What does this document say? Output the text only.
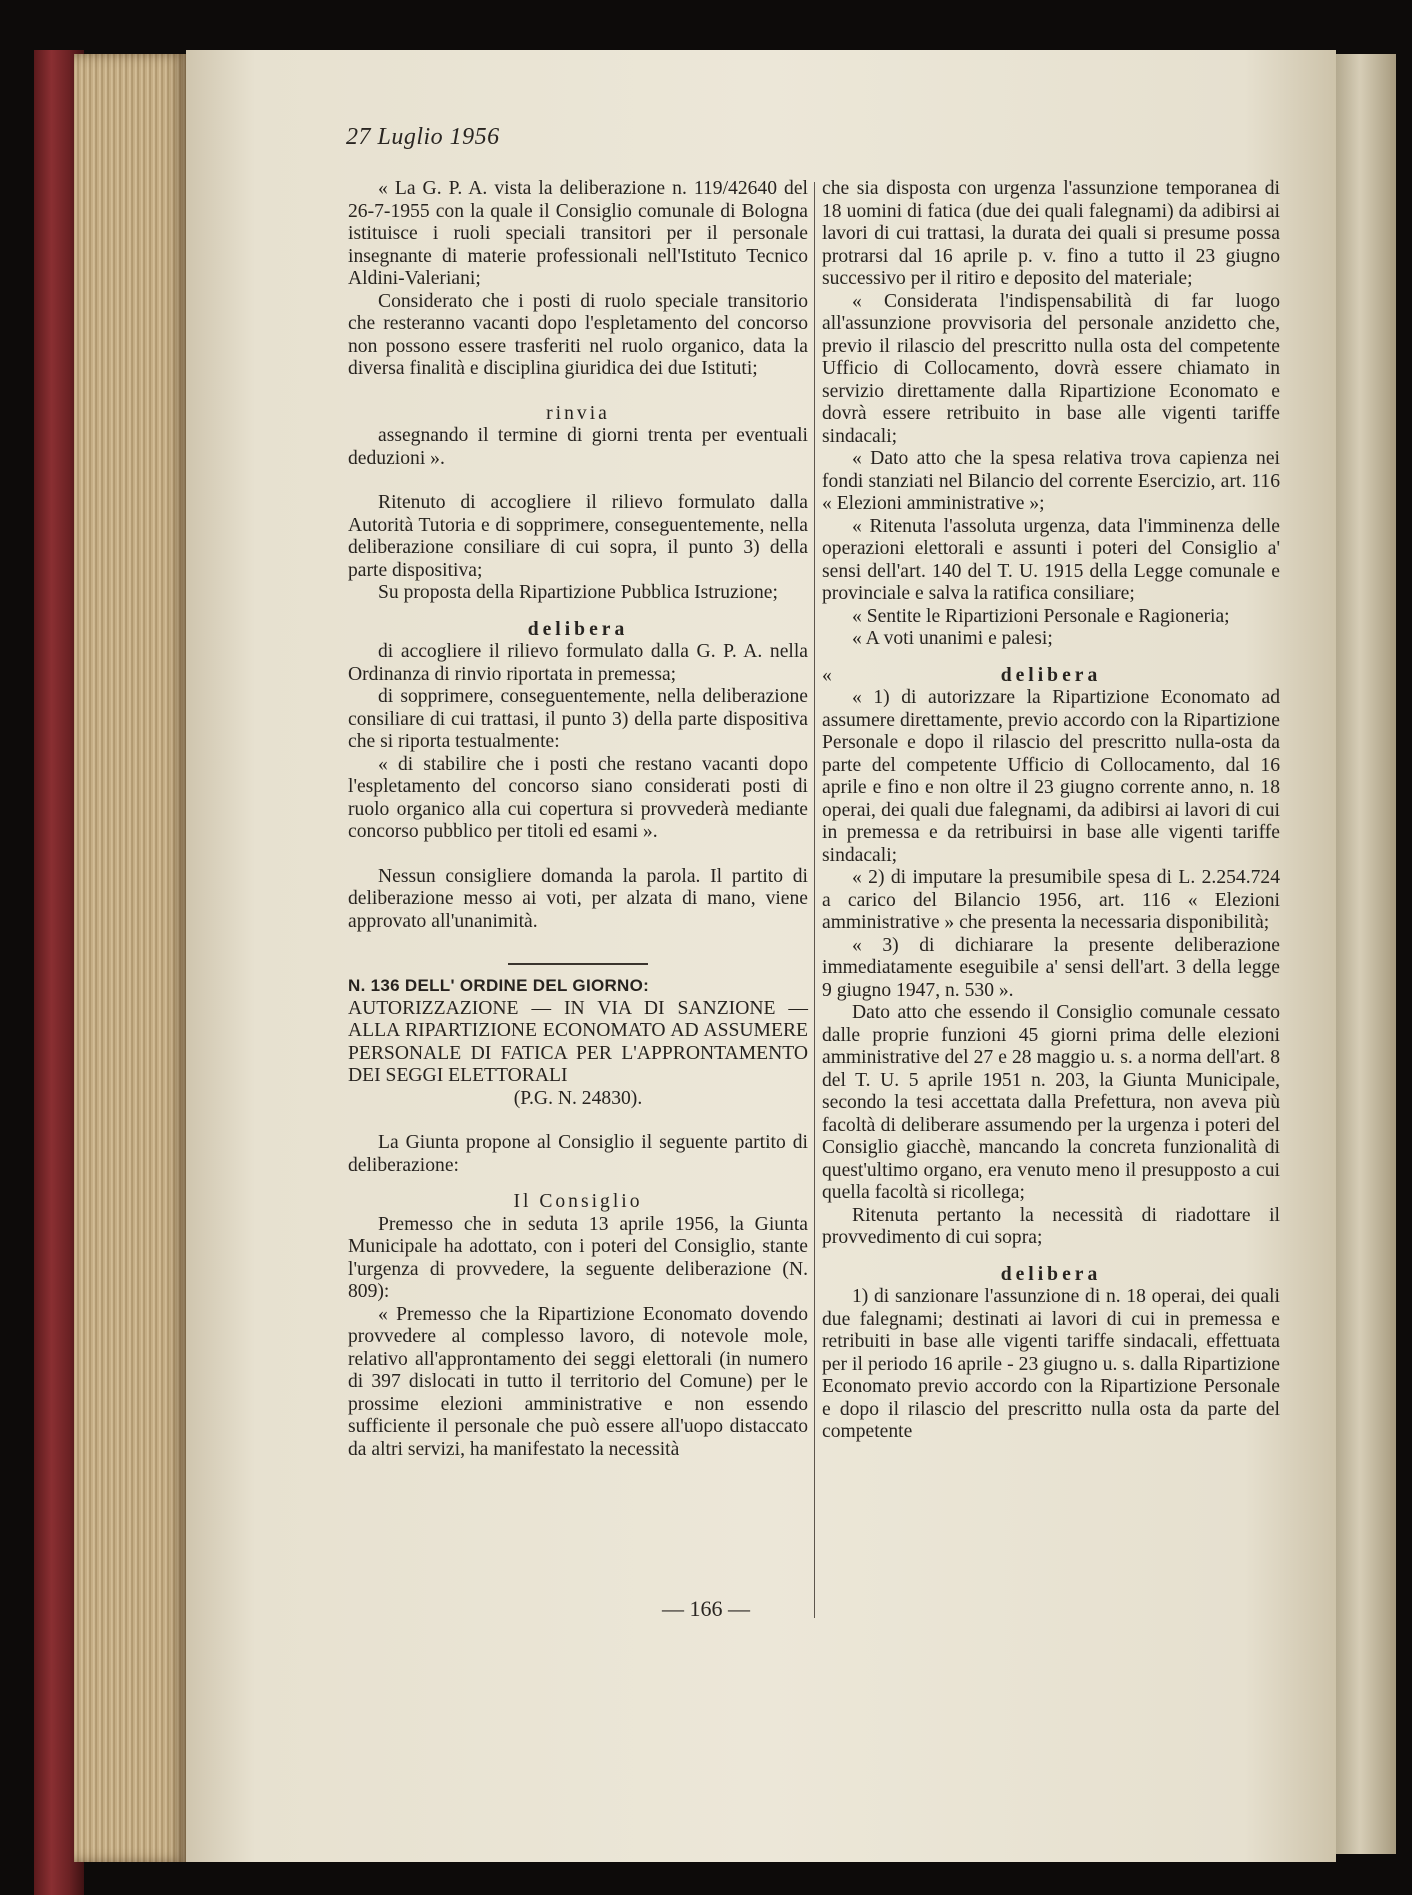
27 Luglio 1956

« La G. P. A. vista la deliberazione n. 119/42640 del 26-7-1955 con la quale il Consiglio comunale di Bologna istituisce i ruoli speciali transitori per il personale insegnante di materie professionali nell'Istituto Tecnico Aldini-Valeriani;

Considerato che i posti di ruolo speciale transitorio che resteranno vacanti dopo l'espletamento del concorso non possono essere trasferiti nel ruolo organico, data la diversa finalità e disciplina giuridica dei due Istituti;

rinvia

assegnando il termine di giorni trenta per eventuali deduzioni ».

Ritenuto di accogliere il rilievo formulato dalla Autorità Tutoria e di sopprimere, conseguentemente, nella deliberazione consiliare di cui sopra, il punto 3) della parte dispositiva;

Su proposta della Ripartizione Pubblica Istruzione;

delibera

di accogliere il rilievo formulato dalla G. P. A. nella Ordinanza di rinvio riportata in premessa;

di sopprimere, conseguentemente, nella deliberazione consiliare di cui trattasi, il punto 3) della parte dispositiva che si riporta testualmente:

« di stabilire che i posti che restano vacanti dopo l'espletamento del concorso siano considerati posti di ruolo organico alla cui copertura si provvederà mediante concorso pubblico per titoli ed esami ».

Nessun consigliere domanda la parola. Il partito di deliberazione messo ai voti, per alzata di mano, viene approvato all'unanimità.

N. 136 DELL' ORDINE DEL GIORNO:

AUTORIZZAZIONE — IN VIA DI SANZIONE — ALLA RIPARTIZIONE ECONOMATO AD ASSUMERE PERSONALE DI FATICA PER L'APPRONTAMENTO DEI SEGGI ELETTORALI

(P.G. N. 24830).

La Giunta propone al Consiglio il seguente partito di deliberazione:

Il Consiglio

Premesso che in seduta 13 aprile 1956, la Giunta Municipale ha adottato, con i poteri del Consiglio, stante l'urgenza di provvedere, la seguente deliberazione (N. 809):

« Premesso che la Ripartizione Economato dovendo provvedere al complesso lavoro, di notevole mole, relativo all'approntamento dei seggi elettorali (in numero di 397 dislocati in tutto il territorio del Comune) per le prossime elezioni amministrative e non essendo sufficiente il personale che può essere all'uopo distaccato da altri servizi, ha manifestato la necessità

che sia disposta con urgenza l'assunzione temporanea di 18 uomini di fatica (due dei quali falegnami) da adibirsi ai lavori di cui trattasi, la durata dei quali si presume possa protrarsi dal 16 aprile p. v. fino a tutto il 23 giugno successivo per il ritiro e deposito del materiale;

« Considerata l'indispensabilità di far luogo all'assunzione provvisoria del personale anzidetto che, previo il rilascio del prescritto nulla osta del competente Ufficio di Collocamento, dovrà essere chiamato in servizio direttamente dalla Ripartizione Economato e dovrà essere retribuito in base alle vigenti tariffe sindacali;

« Dato atto che la spesa relativa trova capienza nei fondi stanziati nel Bilancio del corrente Esercizio, art. 116 « Elezioni amministrative »;

« Ritenuta l'assoluta urgenza, data l'imminenza delle operazioni elettorali e assunti i poteri del Consiglio a' sensi dell'art. 140 del T. U. 1915 della Legge comunale e provinciale e salva la ratifica consiliare;

« Sentite le Ripartizioni Personale e Ragioneria;

« A voti unanimi e palesi;

«	delibera

« 1) di autorizzare la Ripartizione Economato ad assumere direttamente, previo accordo con la Ripartizione Personale e dopo il rilascio del prescritto nulla-osta da parte del competente Ufficio di Collocamento, dal 16 aprile e fino e non oltre il 23 giugno corrente anno, n. 18 operai, dei quali due falegnami, da adibirsi ai lavori di cui in premessa e da retribuirsi in base alle vigenti tariffe sindacali;

« 2) di imputare la presumibile spesa di L. 2.254.724 a carico del Bilancio 1956, art. 116 « Elezioni amministrative » che presenta la necessaria disponibilità;

« 3) di dichiarare la presente deliberazione immediatamente eseguibile a' sensi dell'art. 3 della legge 9 giugno 1947, n. 530 ».

Dato atto che essendo il Consiglio comunale cessato dalle proprie funzioni 45 giorni prima delle elezioni amministrative del 27 e 28 maggio u. s. a norma dell'art. 8 del T. U. 5 aprile 1951 n. 203, la Giunta Municipale, secondo la tesi accettata dalla Prefettura, non aveva più facoltà di deliberare assumendo per la urgenza i poteri del Consiglio giacchè, mancando la concreta funzionalità di quest'ultimo organo, era venuto meno il presupposto a cui quella facoltà si ricollega;

Ritenuta pertanto la necessità di riadottare il provvedimento di cui sopra;

delibera

1) di sanzionare l'assunzione di n. 18 operai, dei quali due falegnami; destinati ai lavori di cui in premessa e retribuiti in base alle vigenti tariffe sindacali, effettuata per il periodo 16 aprile - 23 giugno u. s. dalla Ripartizione Economato previo accordo con la Ripartizione Personale e dopo il rilascio del prescritto nulla osta da parte del competente

— 166 —
